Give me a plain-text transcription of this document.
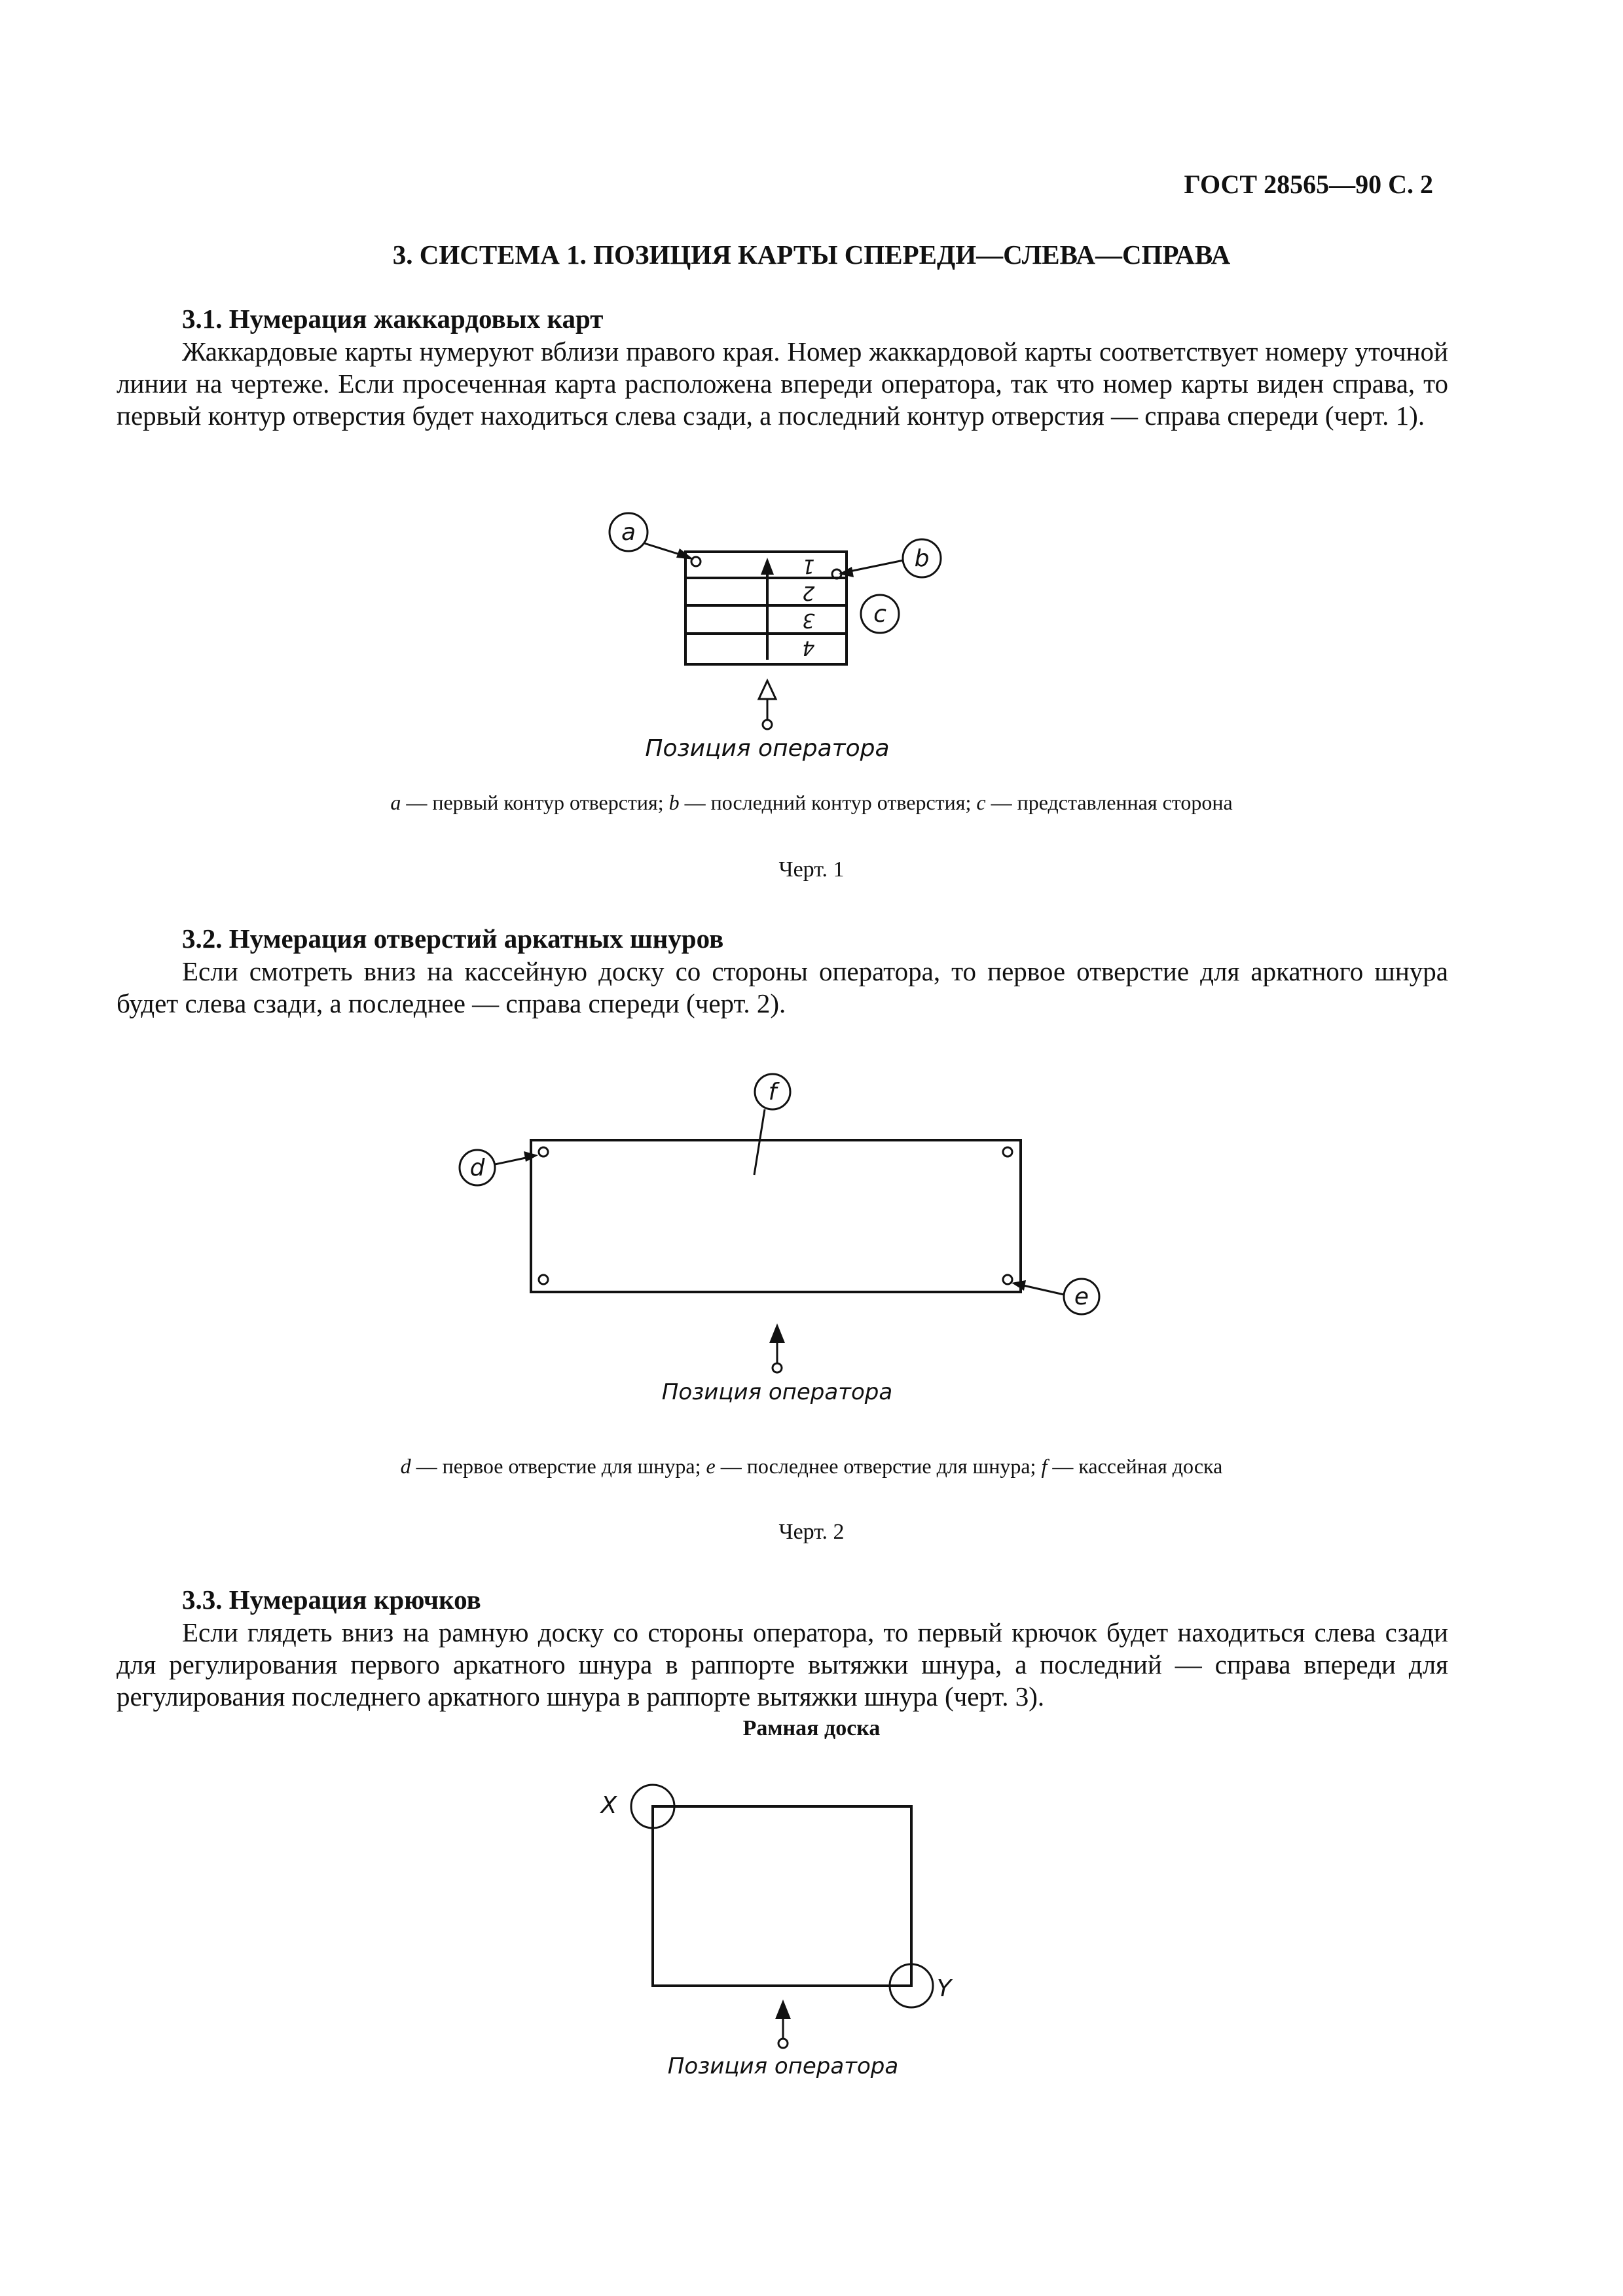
ГОСТ 28565—90 С. 2
3. СИСТЕМА 1. ПОЗИЦИЯ КАРТЫ СПЕРЕДИ—СЛЕВА—СПРАВА
3.1. Нумерация жаккардовых карт
Жаккардовые карты нумеруют вблизи правого края. Номер жаккардовой карты соответствует номеру уточной линии на чертеже. Если просеченная карта расположена впереди оператора, так что номер карты виден справа, то первый контур отверстия будет находиться слева сзади, а последний контур отверстия — справа спереди (черт. 1).
1
2
3
4
a
b
c
Позиция оператора
a — первый контур отверстия; b — последний контур отверстия; c — представленная сторона
Черт. 1
3.2. Нумерация отверстий аркатных шнуров
Если смотреть вниз на кассейную доску со стороны оператора, то первое отверстие для аркатного шнура будет слева сзади, а последнее — справа спереди (черт. 2).
f
d
e
Позиция оператора
d — первое отверстие для шнура; e — последнее отверстие для шнура; f — кассейная доска
Черт. 2
3.3. Нумерация крючков
Если глядеть вниз на рамную доску со стороны оператора, то первый крючок будет находиться слева сзади для регулирования первого аркатного шнура в раппорте вытяжки шнура, а последний — справа впереди для регулирования последнего аркатного шнура в раппорте вытяжки шнура (черт. 3).
Рамная доска
X
Y
Позиция оператора
